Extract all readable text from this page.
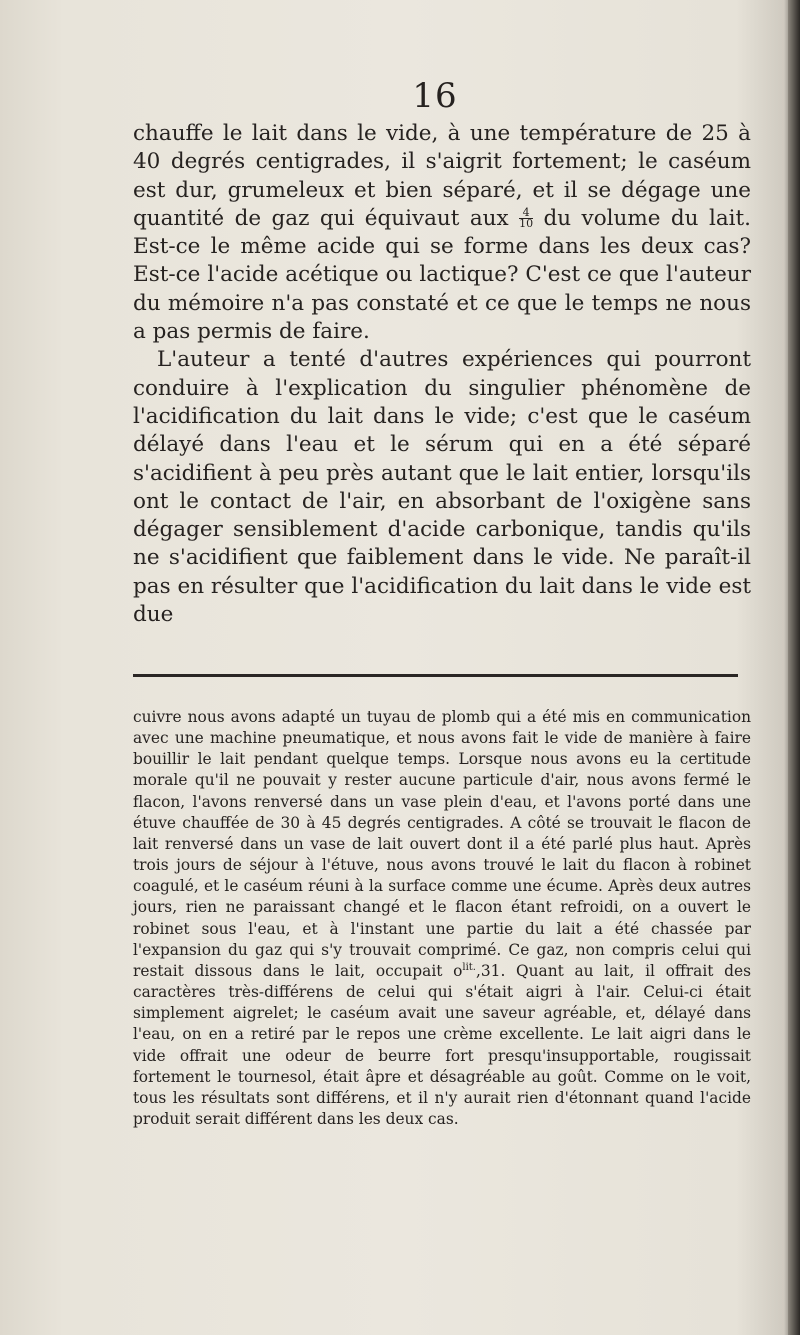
16

chauffe le lait dans le vide, à une température de 25 à 40 degrés centigrades, il s'aigrit fortement; le caséum est dur, grumeleux et bien séparé, et il se dégage une quantité de gaz qui équivaut aux $\frac{4}{10}$ du volume du lait. Est-ce le même acide qui se forme dans les deux cas? Est-ce l'acide acétique ou lactique? C'est ce que l'auteur du mémoire n'a pas constaté et ce que le temps ne nous a pas permis de faire.

L'auteur a tenté d'autres expériences qui pourront conduire à l'explication du singulier phénomène de l'acidification du lait dans le vide; c'est que le caséum délayé dans l'eau et le sérum qui en a été séparé s'acidifient à peu près autant que le lait entier, lorsqu'ils ont le contact de l'air, en absorbant de l'oxigène sans dégager sensiblement d'acide carbonique, tandis qu'ils ne s'acidifient que faiblement dans le vide. Ne paraît-il pas en résulter que l'acidification du lait dans le vide est due

cuivre nous avons adapté un tuyau de plomb qui a été mis en communication avec une machine pneumatique, et nous avons fait le vide de manière à faire bouillir le lait pendant quelque temps. Lorsque nous avons eu la certitude morale qu'il ne pouvait y rester aucune particule d'air, nous avons fermé le flacon, l'avons renversé dans un vase plein d'eau, et l'avons porté dans une étuve chauffée de 30 à 45 degrés centigrades. A côté se trouvait le flacon de lait renversé dans un vase de lait ouvert dont il a été parlé plus haut. Après trois jours de séjour à l'étuve, nous avons trouvé le lait du flacon à robinet coagulé, et le caséum réuni à la surface comme une écume. Après deux autres jours, rien ne paraissant changé et le flacon étant refroidi, on a ouvert le robinet sous l'eau, et à l'instant une partie du lait a été chassée par l'expansion du gaz qui s'y trouvait comprimé. Ce gaz, non compris celui qui restait dissous dans le lait, occupait $o^{lit.},31$. Quant au lait, il offrait des caractères très-différens de celui qui s'était aigri à l'air. Celui-ci était simplement aigrelet; le caséum avait une saveur agréable, et, délayé dans l'eau, on en a retiré par le repos une crème excellente. Le lait aigri dans le vide offrait une odeur de beurre fort presqu'insupportable, rougissait fortement le tournesol, était âpre et désagréable au goût. Comme on le voit, tous les résultats sont différens, et il n'y aurait rien d'étonnant quand l'acide produit serait différent dans les deux cas.
